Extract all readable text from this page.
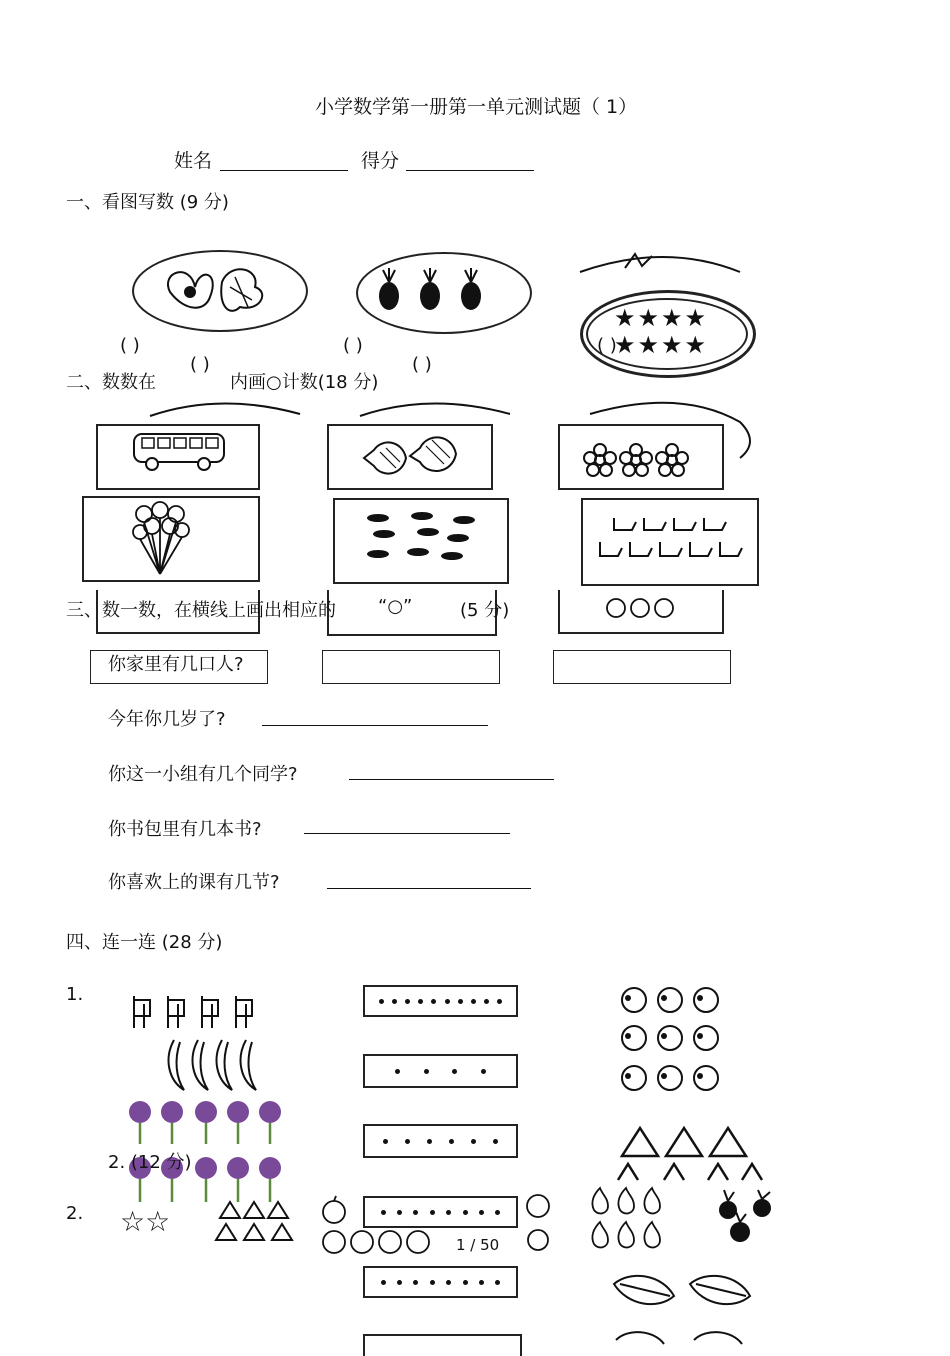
小学数学第一册第一单元测试题（ 1）
姓名	得分
一、看图写数 (9 分)
★★★★
★★★★
( )	( )	( )
( )	( )
二、数数在	内画○计数(18 分)
三、数一数，在横线上画出相应的 “○”	(5 分)
你家里有几口人?
今年你几岁了?
你这一小组有几个同学?
你书包里有几本书?
你喜欢上的课有几节?
四、连一连 (28 分)
1.
2. (12 分)
2. ☆☆
1 / 50
